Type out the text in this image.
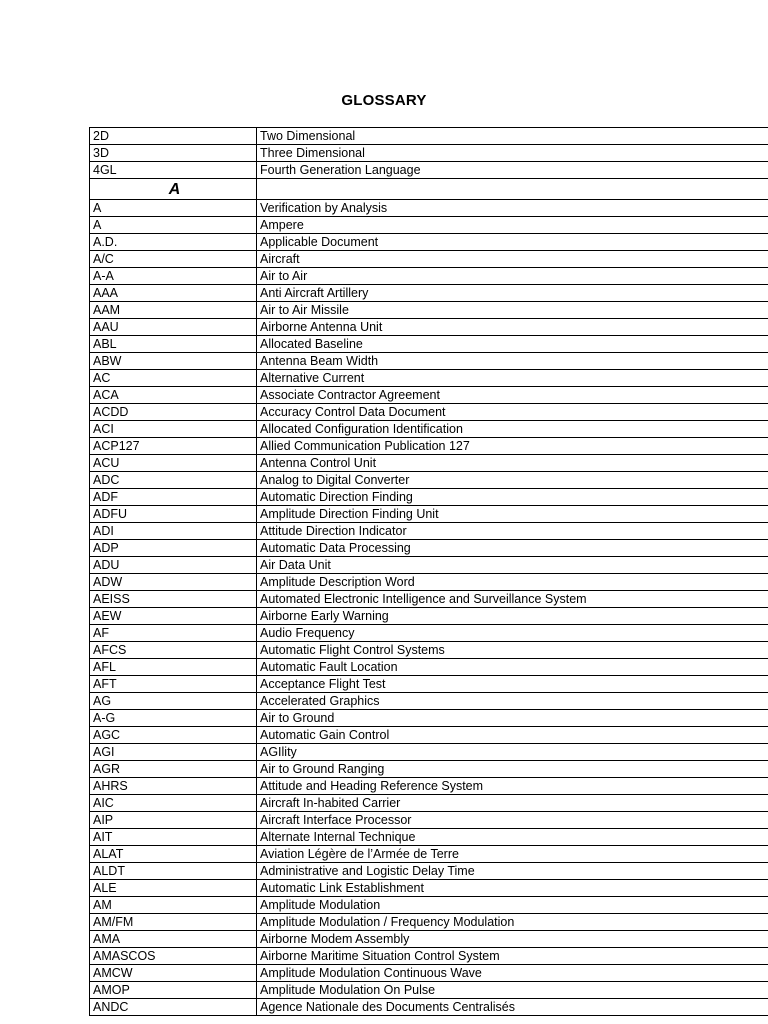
GLOSSARY
2D	Two Dimensional
3D	Three Dimensional
4GL	Fourth Generation Language

A	

A	Verification by Analysis
A	Ampere
A.D.	Applicable Document
A/C	Aircraft
A-A	Air to Air
AAA	Anti Aircraft Artillery
AAM	Air to Air Missile
AAU	Airborne Antenna Unit
ABL	Allocated Baseline
ABW	Antenna Beam Width
AC	Alternative Current
ACA	Associate Contractor Agreement
ACDD	Accuracy Control Data Document
ACI	Allocated Configuration Identification
ACP127	Allied Communication Publication 127
ACU	Antenna Control Unit
ADC	Analog to Digital Converter
ADF	Automatic Direction Finding
ADFU	Amplitude Direction Finding Unit
ADI	Attitude Direction Indicator
ADP	Automatic Data Processing
ADU	Air Data Unit
ADW	Amplitude Description Word
AEISS	Automated Electronic Intelligence and Surveillance System
AEW	Airborne Early Warning
AF	Audio Frequency
AFCS	Automatic Flight Control Systems
AFL	Automatic Fault Location
AFT	Acceptance Flight Test
AG	Accelerated Graphics
A-G	Air to Ground
AGC	Automatic Gain Control
AGI	AGIlity
AGR	Air to Ground Ranging
AHRS	Attitude and Heading Reference System
AIC	Aircraft In-habited Carrier
AIP	Aircraft Interface Processor
AIT	Alternate Internal Technique
ALAT	Aviation Légère de l’Armée de Terre
ALDT	Administrative and Logistic Delay Time
ALE	Automatic Link Establishment
AM	Amplitude Modulation
AM/FM	Amplitude Modulation / Frequency Modulation
AMA	Airborne Modem Assembly
AMASCOS	Airborne Maritime Situation Control System
AMCW	Amplitude Modulation Continuous Wave
AMOP	Amplitude Modulation On Pulse
ANDC	Agence Nationale des Documents Centralisés
